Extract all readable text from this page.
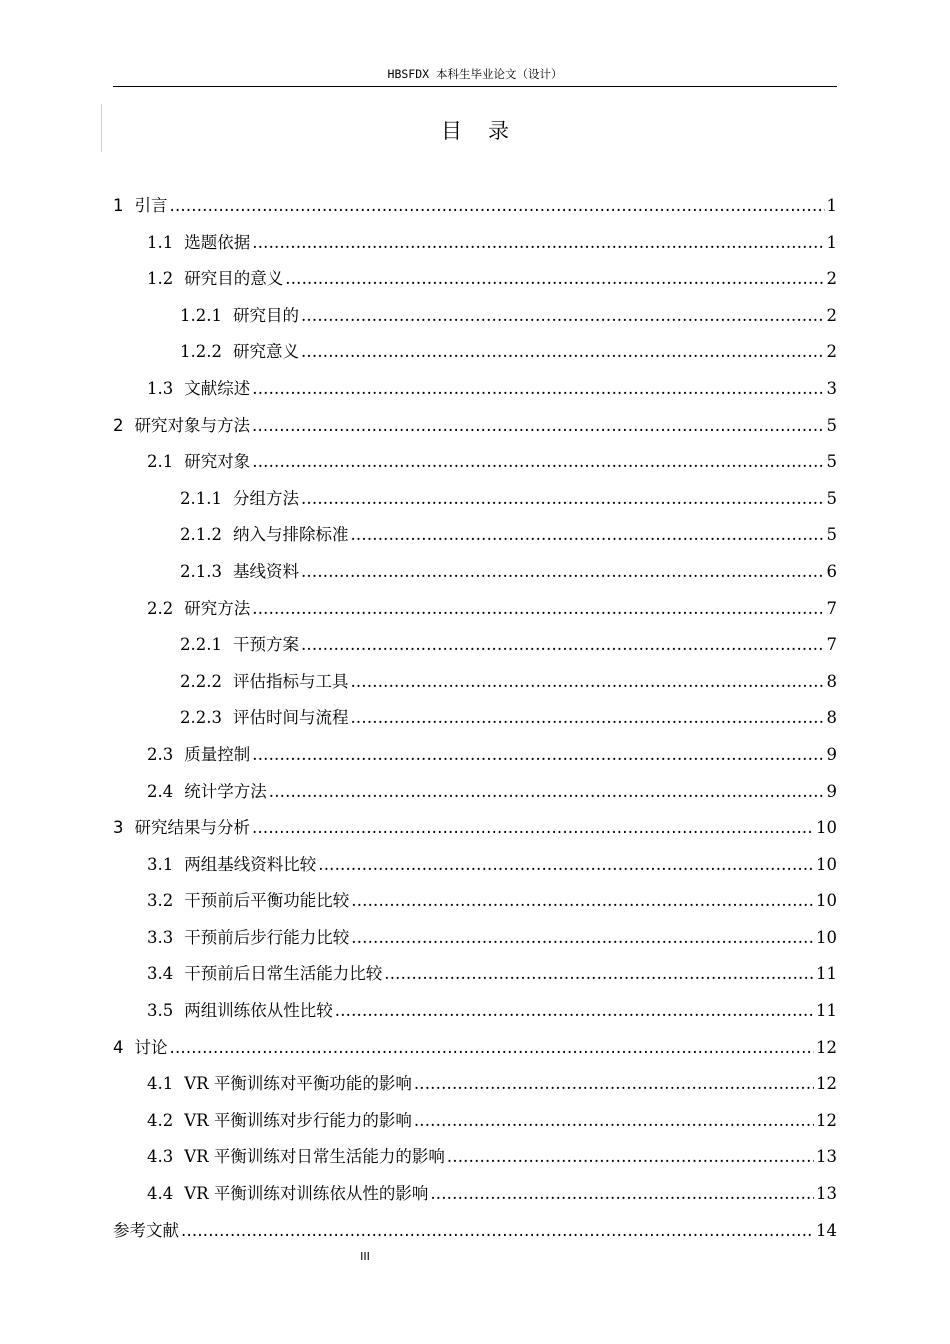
HBSFDX 本科生毕业论文（设计）
目录
1 引言 .....	1
1.1 选题依据 .....	1
1.2 研究目的意义 .....	2
1.2.1 研究目的 .....	2
1.2.2 研究意义 .....	2
1.3 文献综述 .....	3
2 研究对象与方法 .....	5
2.1 研究对象 .....	5
2.1.1 分组方法 .....	5
2.1.2 纳入与排除标准 .....	5
2.1.3 基线资料 .....	6
2.2 研究方法 .....	7
2.2.1 干预方案 .....	7
2.2.2 评估指标与工具 .....	8
2.2.3 评估时间与流程 .....	8
2.3 质量控制 .....	9
2.4 统计学方法 .....	9
3 研究结果与分析 .....	10
3.1 两组基线资料比较 .....	10
3.2 干预前后平衡功能比较 .....	10
3.3 干预前后步行能力比较 .....	10
3.4 干预前后日常生活能力比较 .....	11
3.5 两组训练依从性比较 .....	11
4 讨论 .....	12
4.1 VR 平衡训练对平衡功能的影响 .....	12
4.2 VR 平衡训练对步行能力的影响 .....	12
4.3 VR 平衡训练对日常生活能力的影响 .....	13
4.4 VR 平衡训练对训练依从性的影响 .....	13
参考文献 .....	14
III
